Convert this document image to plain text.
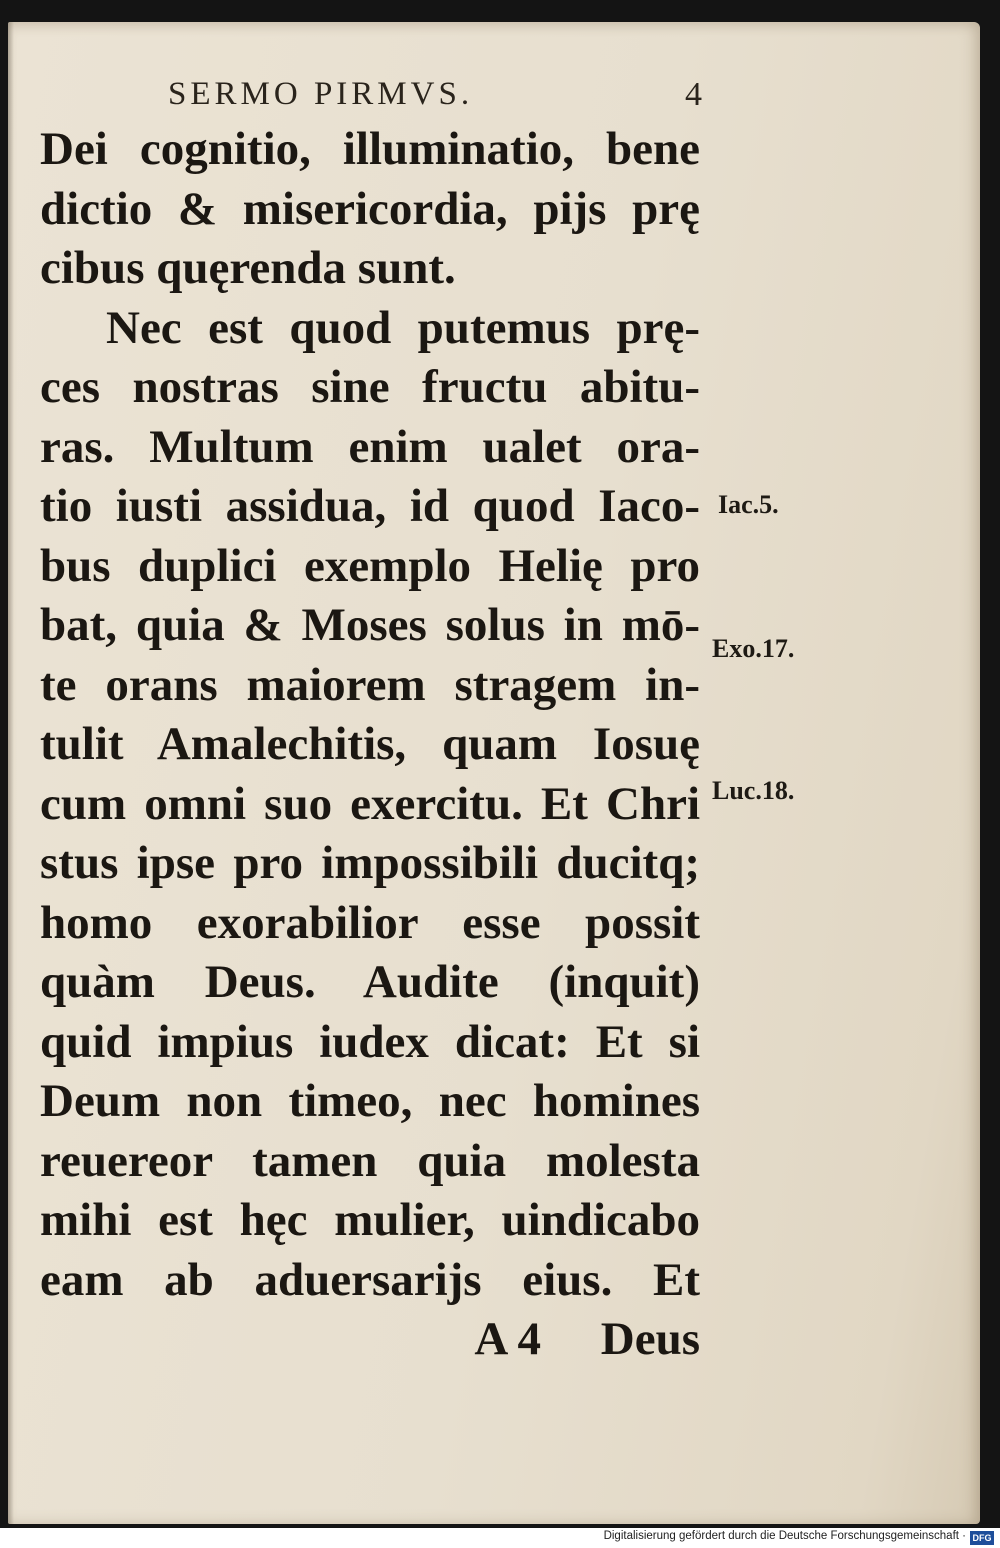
SERMO PIRMVS.	4
Dei cognitio, illuminatio, bene
dictio & misericordia, pijs prę
cibus quęrenda sunt.
Nec est quod putemus prę-
ces nostras sine fructu abitu-
ras. Multum enim ualet ora-
tio iusti assidua, id quod Iaco-
bus duplici exemplo Helię pro
bat, quia & Moses solus in mō-
te orans maiorem stragem in-
tulit Amalechitis, quam Iosuę
cum omni suo exercitu. Et Chri
stus ipse pro impossibili ducitq;
homo exorabilior esse possit
quàm Deus. Audite (inquit)
quid impius iudex dicat: Et si
Deum non timeo, nec homines
reuereor tamen quia molesta
mihi est hęc mulier, uindicabo
eam ab aduersarijs eius. Et
A 4 Deus
Iac.5.
Exo.17.
Luc.18.
Digitalisierung gefördert durch die Deutsche Forschungsgemeinschaft · DFG
